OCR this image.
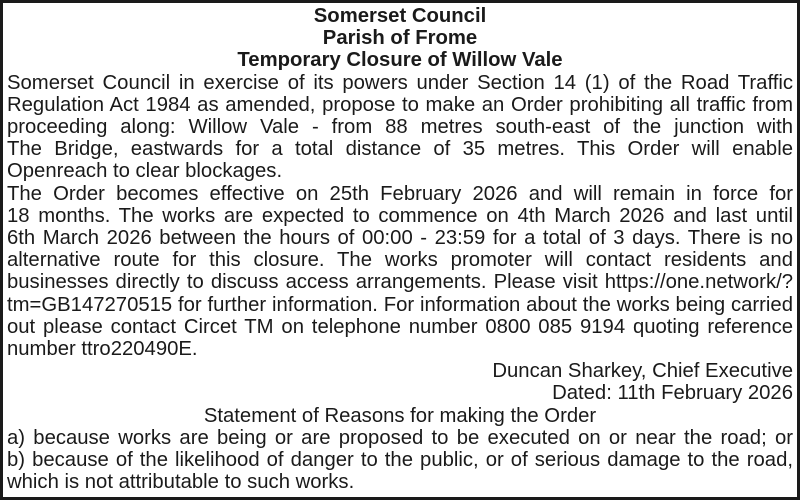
Somerset Council
Parish of Frome
Temporary Closure of Willow Vale
Somerset Council in exercise of its powers under Section 14 (1) of the Road Traffic
Regulation Act 1984 as amended, propose to make an Order prohibiting all traffic from
proceeding along: Willow Vale - from 88 metres south-east of the junction with
The Bridge, eastwards for a total distance of 35 metres. This Order will enable
Openreach to clear blockages.
The Order becomes effective on 25th February 2026 and will remain in force for
18 months. The works are expected to commence on 4th March 2026 and last until
6th March 2026 between the hours of 00:00 - 23:59 for a total of 3 days. There is no
alternative route for this closure. The works promoter will contact residents and
businesses directly to discuss access arrangements. Please visit https://one.network/?
tm=GB147270515 for further information. For information about the works being carried
out please contact Circet TM on telephone number 0800 085 9194 quoting reference
number ttro220490E.
Duncan Sharkey, Chief Executive
Dated: 11th February 2026
Statement of Reasons for making the Order
a) because works are being or are proposed to be executed on or near the road; or
b) because of the likelihood of danger to the public, or of serious damage to the road,
which is not attributable to such works.
